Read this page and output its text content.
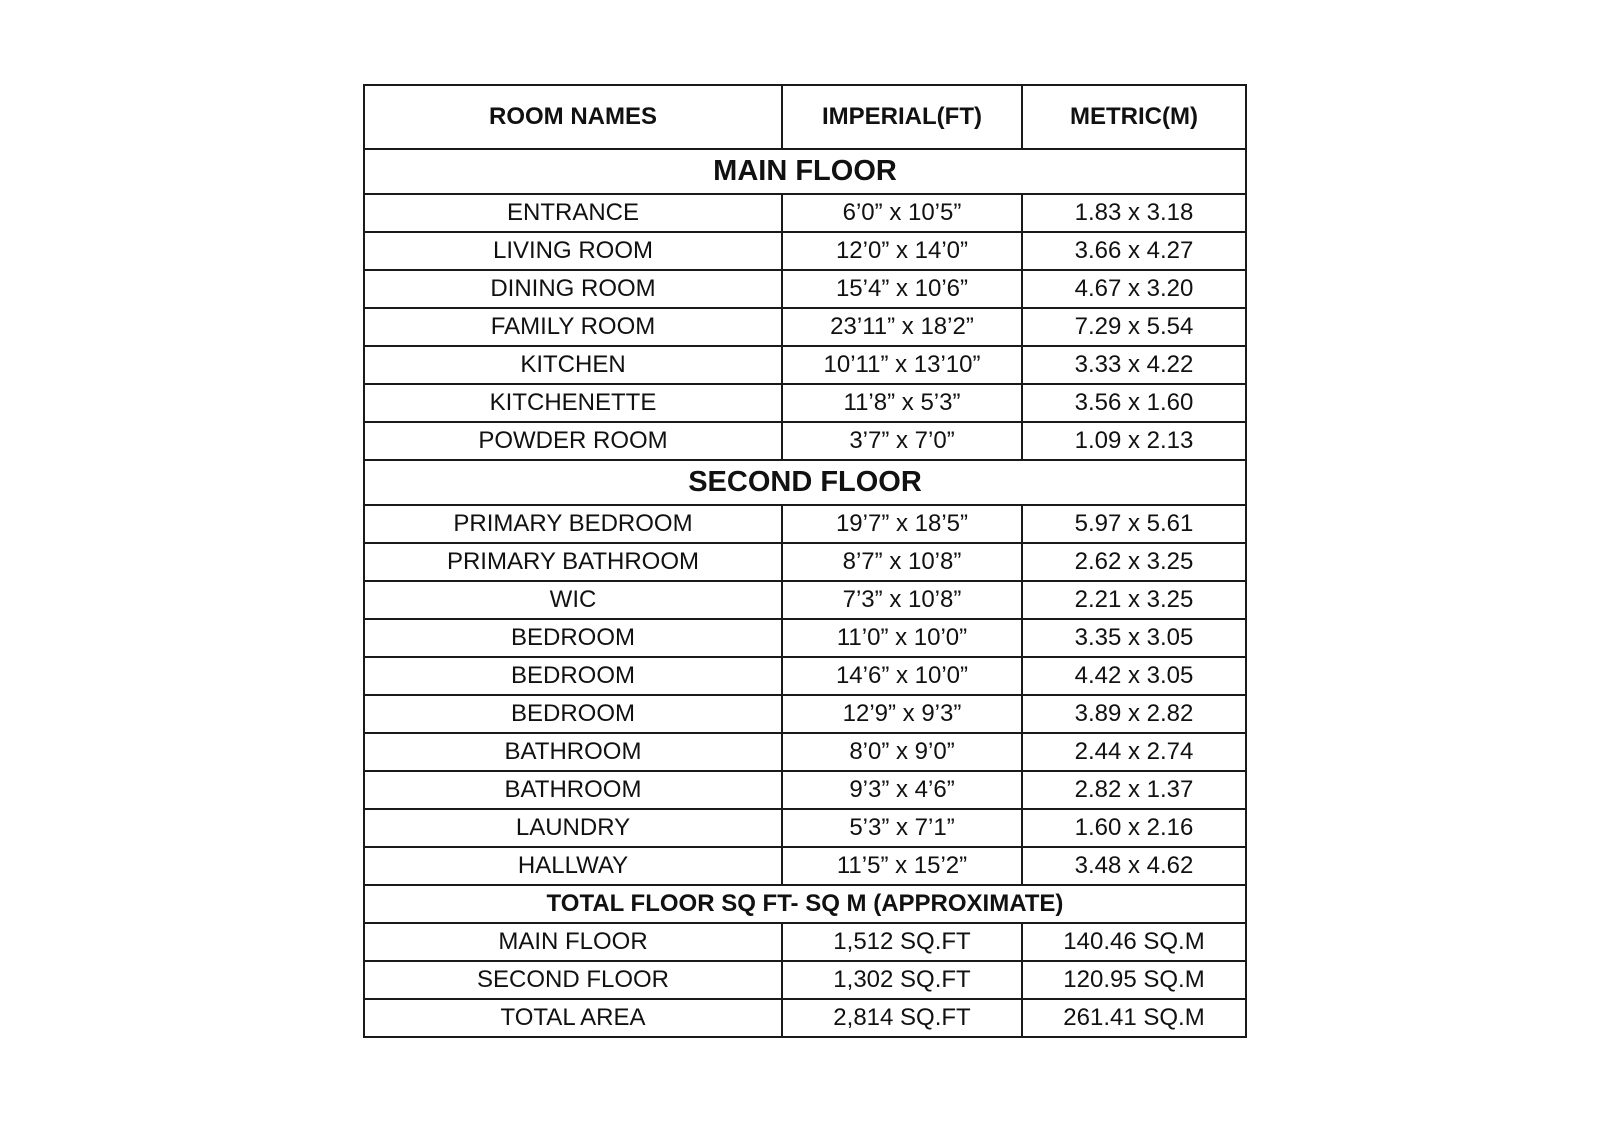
ROOM NAMES	IMPERIAL(FT)	METRIC(M)
MAIN FLOOR		
ENTRANCE	6’0” x 10’5”	1.83 x 3.18
LIVING ROOM	12’0” x 14’0”	3.66 x 4.27
DINING ROOM	15’4” x 10’6”	4.67 x 3.20
FAMILY ROOM	23’11” x 18’2”	7.29 x 5.54
KITCHEN	10’11” x 13’10”	3.33 x 4.22
KITCHENETTE	11’8” x 5’3”	3.56 x 1.60
POWDER ROOM	3’7” x 7’0”	1.09 x 2.13
SECOND FLOOR		
PRIMARY BEDROOM	19’7” x 18’5”	5.97 x 5.61
PRIMARY BATHROOM	8’7” x 10’8”	2.62 x 3.25
WIC	7’3” x 10’8”	2.21 x 3.25
BEDROOM	11’0” x 10’0”	3.35 x 3.05
BEDROOM	14’6” x 10’0”	4.42 x 3.05
BEDROOM	12’9” x 9’3”	3.89 x 2.82
BATHROOM	8’0” x 9’0”	2.44 x 2.74
BATHROOM	9’3” x 4’6”	2.82 x 1.37
LAUNDRY	5’3” x 7’1”	1.60 x 2.16
HALLWAY	11’5” x 15’2”	3.48 x 4.62
TOTAL FLOOR SQ FT- SQ M (APPROXIMATE)		
MAIN FLOOR	1,512 SQ.FT	140.46 SQ.M
SECOND FLOOR	1,302 SQ.FT	120.95 SQ.M
TOTAL AREA	2,814 SQ.FT	261.41 SQ.M
